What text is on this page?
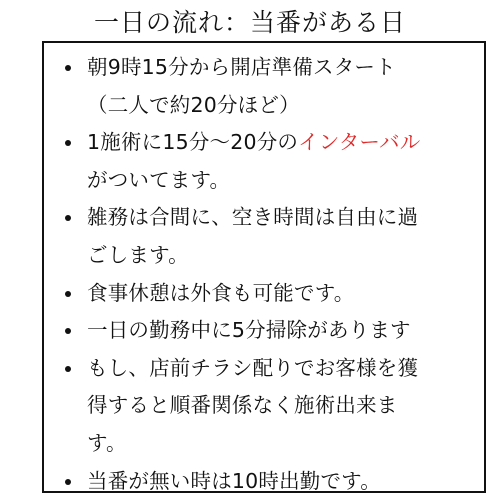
一日の流れ：当番がある日
朝9時15分から開店準備スタート
（二人で約20分ほど）
1施術に15分～20分のインターバル
がついてます。
雑務は合間に、空き時間は自由に過
ごします。
食事休憩は外食も可能です。
一日の勤務中に5分掃除があります
もし、店前チラシ配りでお客様を獲
得すると順番関係なく施術出来ま
す。
当番が無い時は10時出勤です。
